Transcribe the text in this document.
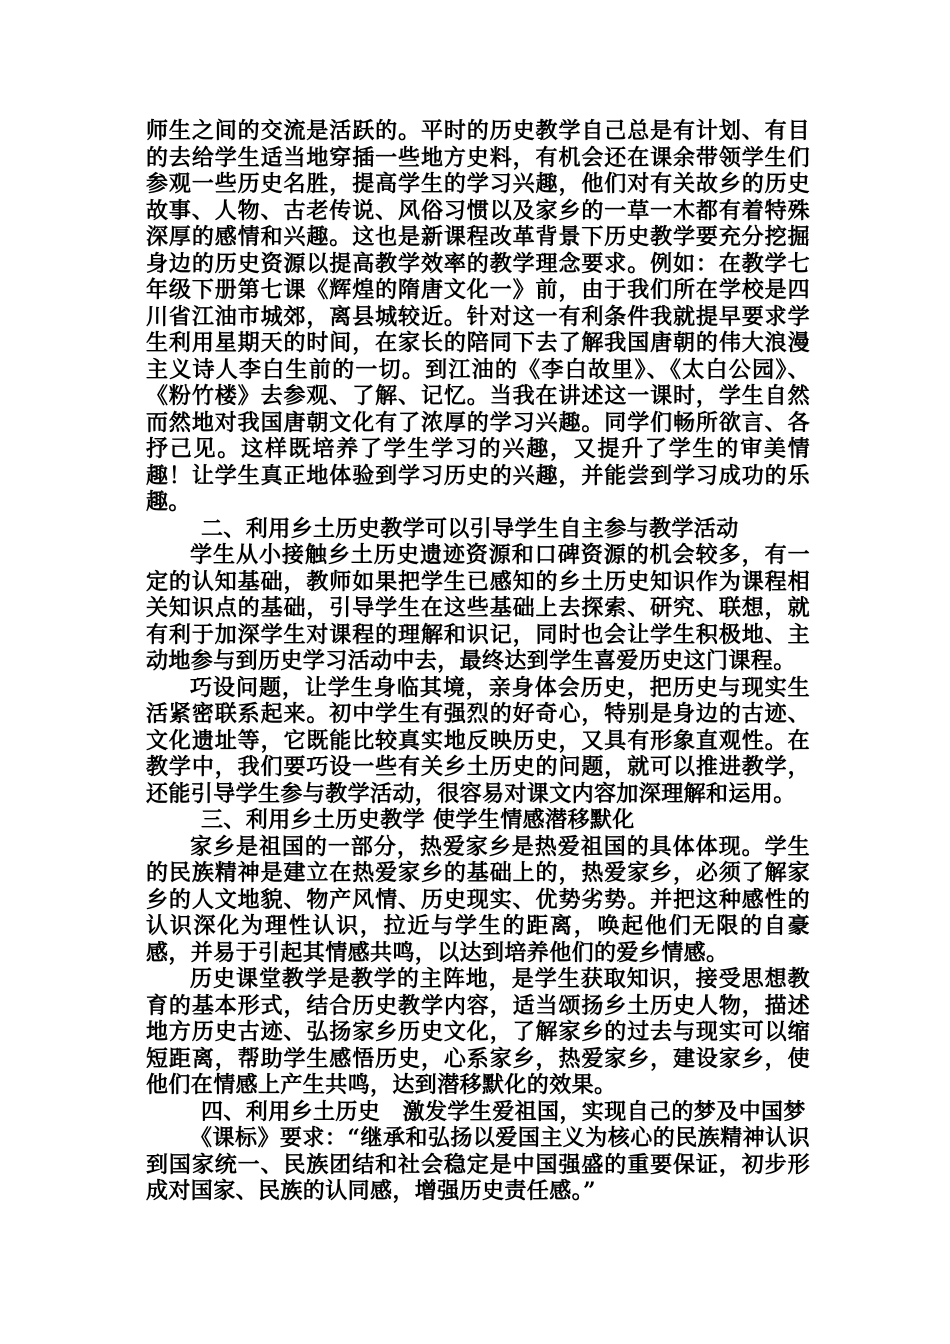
师生之间的交流是活跃的。平时的历史教学自己总是有计划、有目的去给学生适当地穿插一些地方史料，有机会还在课余带领学生们参观一些历史名胜，提高学生的学习兴趣，他们对有关故乡的历史故事、人物、古老传说、风俗习惯以及家乡的一草一木都有着特殊深厚的感情和兴趣。这也是新课程改革背景下历史教学要充分挖掘身边的历史资源以提高教学效率的教学理念要求。例如：在教学七年级下册第七课《辉煌的隋唐文化一》前，由于我们所在学校是四川省江油市城郊，离县城较近。针对这一有利条件我就提早要求学生利用星期天的时间，在家长的陪同下去了解我国唐朝的伟大浪漫主义诗人李白生前的一切。到江油的《李白故里》、《太白公园》、《粉竹楼》去参观、了解、记忆。当我在讲述这一课时，学生自然而然地对我国唐朝文化有了浓厚的学习兴趣。同学们畅所欲言、各抒己见。这样既培养了学生学习的兴趣，又提升了学生的审美情趣！让学生真正地体验到学习历史的兴趣，并能尝到学习成功的乐趣。

二、利用乡土历史教学可以引导学生自主参与教学活动

学生从小接触乡土历史遗迹资源和口碑资源的机会较多，有一定的认知基础，教师如果把学生已感知的乡土历史知识作为课程相关知识点的基础，引导学生在这些基础上去探索、研究、联想，就有利于加深学生对课程的理解和识记，同时也会让学生积极地、主动地参与到历史学习活动中去，最终达到学生喜爱历史这门课程。

巧设问题，让学生身临其境，亲身体会历史，把历史与现实生活紧密联系起来。初中学生有强烈的好奇心，特别是身边的古迹、文化遗址等，它既能比较真实地反映历史，又具有形象直观性。在教学中，我们要巧设一些有关乡土历史的问题，就可以推进教学，还能引导学生参与教学活动，很容易对课文内容加深理解和运用。

三、利用乡土历史教学 使学生情感潜移默化

家乡是祖国的一部分，热爱家乡是热爱祖国的具体体现。学生的民族精神是建立在热爱家乡的基础上的，热爱家乡，必须了解家乡的人文地貌、物产风情、历史现实、优势劣势。并把这种感性的认识深化为理性认识，拉近与学生的距离，唤起他们无限的自豪感，并易于引起其情感共鸣，以达到培养他们的爱乡情感。

历史课堂教学是教学的主阵地，是学生获取知识，接受思想教育的基本形式，结合历史教学内容，适当颂扬乡土历史人物，描述地方历史古迹、弘扬家乡历史文化，了解家乡的过去与现实可以缩短距离，帮助学生感悟历史，心系家乡，热爱家乡，建设家乡，使他们在情感上产生共鸣，达到潜移默化的效果。

四、利用乡土历史　激发学生爱祖国，实现自己的梦及中国梦

《课标》要求：“继承和弘扬以爱国主义为核心的民族精神认识到国家统一、民族团结和社会稳定是中国强盛的重要保证，初步形成对国家、民族的认同感，增强历史责任感。”
